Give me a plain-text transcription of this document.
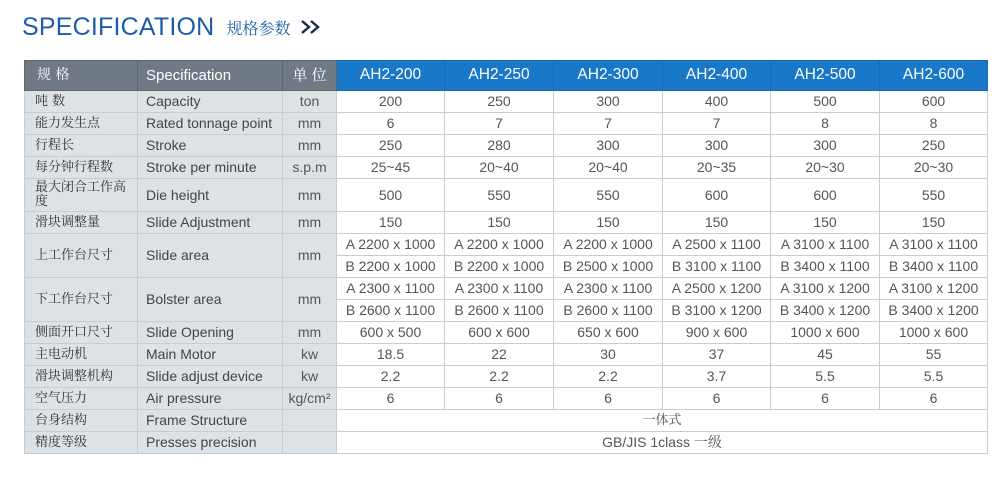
SPECIFICATION 规格参数
规 格	Specification	单 位	AH2-200	AH2-250	AH2-300	AH2-400	AH2-500	AH2-600
吨 数	Capacity	ton	200	250	300	400	500	600
能力发生点	Rated tonnage point	mm	6	7	7	7	8	8
行程长	Stroke	mm	250	280	300	300	300	250
每分钟行程数	Stroke per minute	s.p.m	25~45	20~40	20~40	20~35	20~30	20~30
最大闭合工作高度	Die height	mm	500	550	550	600	600	550
滑块调整量	Slide Adjustment	mm	150	150	150	150	150	150
上工作台尺寸	Slide area	mm	A 2200 x 1000	A 2200 x 1000	A 2200 x 1000	A 2500 x 1100	A 3100 x 1100	A 3100 x 1100
			B 2200 x 1000	B 2200 x 1000	B 2500 x 1000	B 3100 x 1100	B 3400 x 1100	B 3400 x 1100
下工作台尺寸	Bolster area	mm	A 2300 x 1100	A 2300 x 1100	A 2300 x 1100	A 2500 x 1200	A 3100 x 1200	A 3100 x 1200
			B 2600 x 1100	B 2600 x 1100	B 2600 x 1100	B 3100 x 1200	B 3400 x 1200	B 3400 x 1200
侧面开口尺寸	Slide Opening	mm	600 x 500	600 x 600	650 x 600	900 x 600	1000 x 600	1000 x 600
主电动机	Main Motor	kw	18.5	22	30	37	45	55
滑块调整机构	Slide adjust device	kw	2.2	2.2	2.2	3.7	5.5	5.5
空气压力	Air pressure	kg/cm²	6	6	6	6	6	6
台身结构	Frame Structure		一体式					
精度等级	Presses precision		GB/JIS 1class 一级					
